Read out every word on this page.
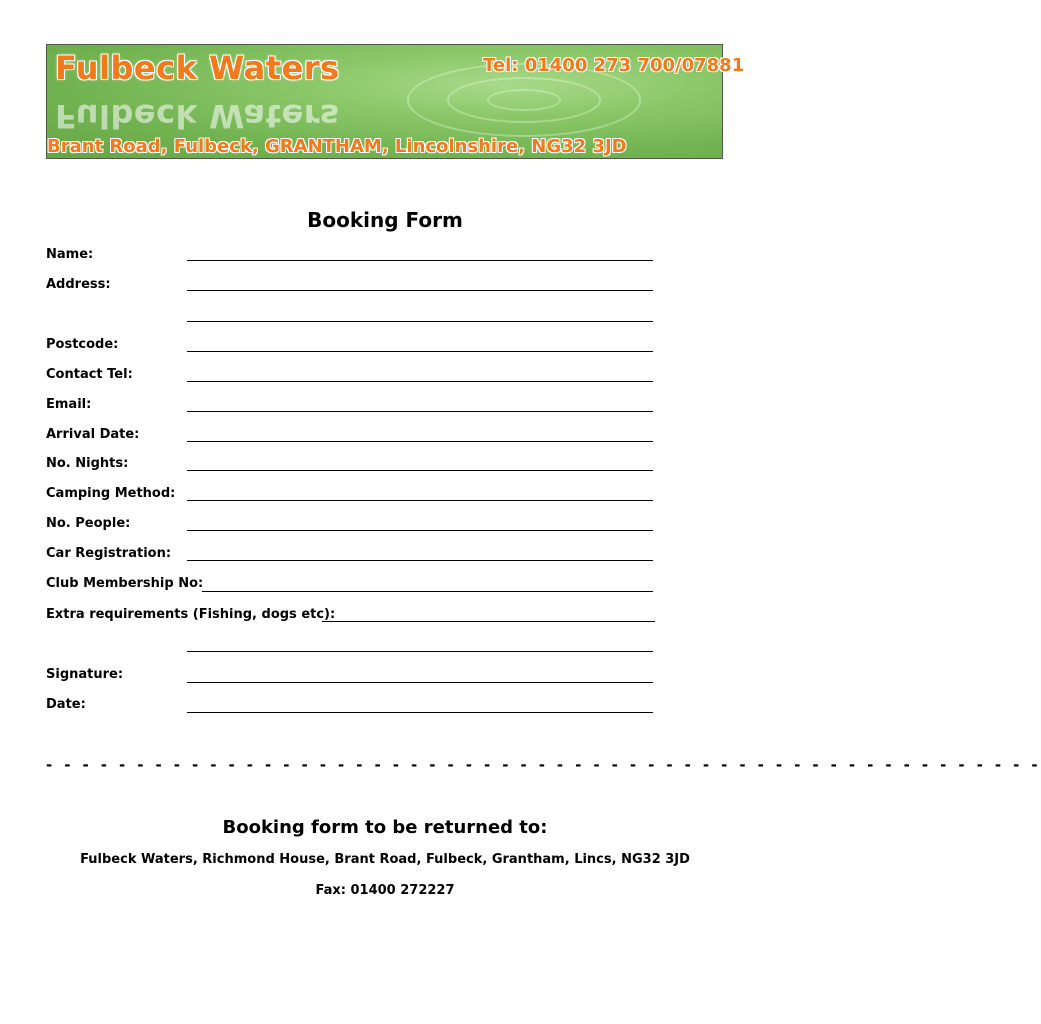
Fulbeck Waters
Fulbeck Waters
Tel: 01400 273 700/07881
Brant Road, Fulbeck, GRANTHAM, Lincolnshire, NG32 3JD
Booking Form
Name:
Address:
Postcode:
Contact Tel:
Email:
Arrival Date:
No. Nights:
Camping Method:
No. People:
Car Registration:
Club Membership No:
Extra requirements (Fishing, dogs etc):
Signature:
Date:
- - - - - - - - - - - - - - - - - - - - - - - - - - - - - - - - - - - - - - - - - - - - - - - - - - - - - - -
Booking form to be returned to:
Fulbeck Waters, Richmond House, Brant Road, Fulbeck, Grantham, Lincs, NG32 3JD
Fax: 01400 272227
